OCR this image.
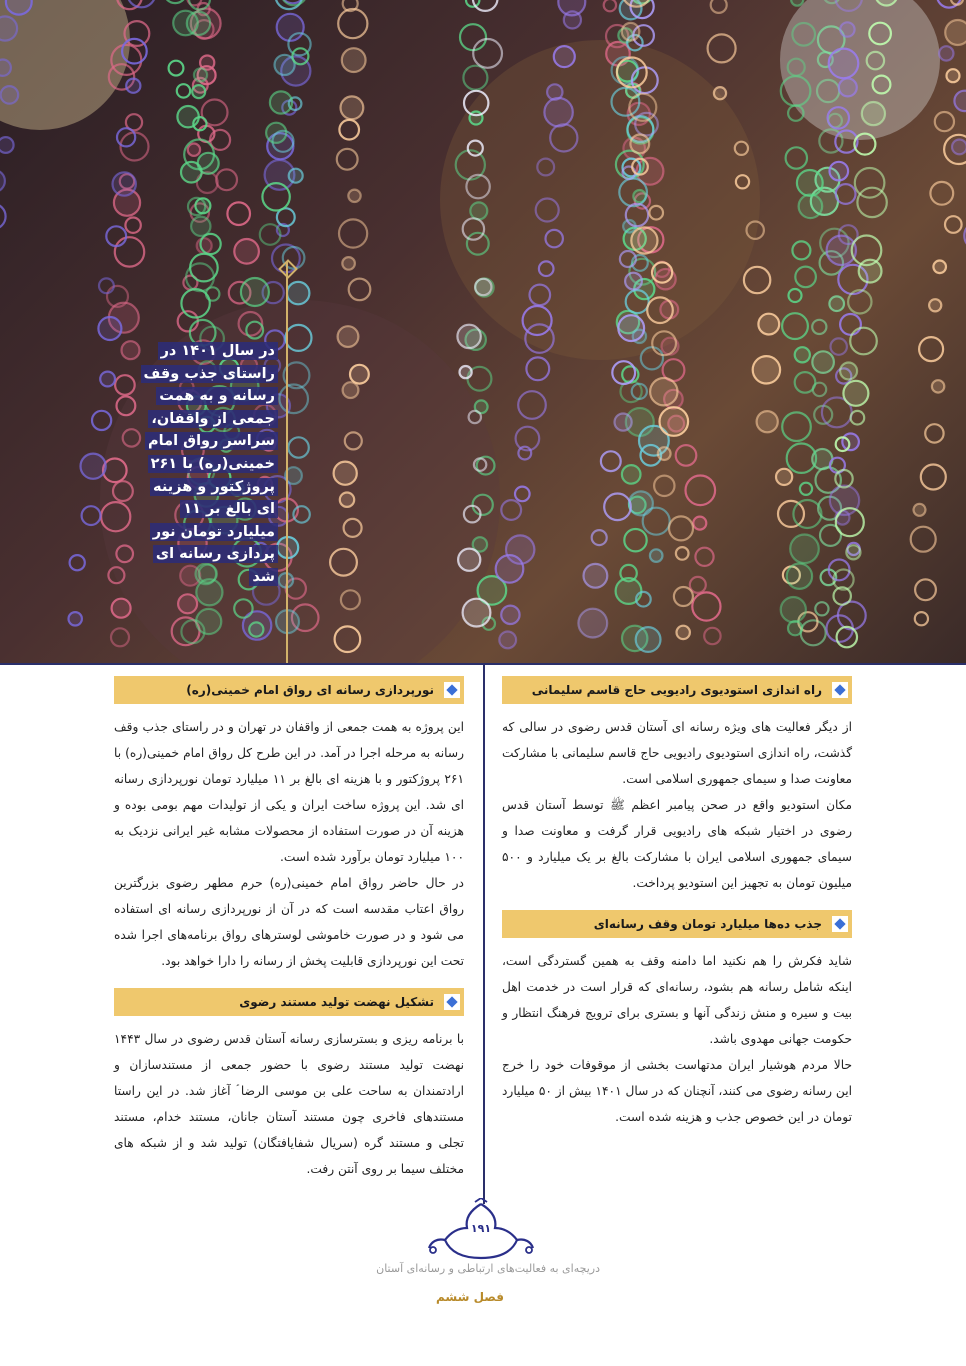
در سال ۱۴۰۱ در راستای جذب وقف رسانه و به همت جمعی از واقفان، سراسر رواق امام خمینی(ره) با ۲۶۱ پروژکتور و هزینه ای بالغ بر ۱۱ میلیارد تومان نور پردازی رسانه ای شد
راه اندازی استودیوی رادیویی حاج قاسم سلیمانی

از دیگر فعالیت های ویژه رسانه ای آستان قدس رضوی در سالی که گذشت، راه اندازی استودیوی رادیویی حاج قاسم سلیمانی با مشارکت معاونت صدا و سیمای جمهوری اسلامی است.

مکان استودیو واقع در صحن پیامبر اعظم ﷺ توسط آستان قدس رضوی در اختیار شبکه های رادیویی قرار گرفت و معاونت صدا و سیمای جمهوری اسلامی ایران با مشارکت بالغ بر یک میلیارد و ۵۰۰ میلیون تومان به تجهیز این استودیو پرداخت.

جذب ده‌ها میلیارد تومان وقف رسانه‌ای

شاید فکرش را هم نکنید اما دامنه وقف به همین گستردگی است، اینکه شامل رسانه هم بشود، رسانه‌ای که قرار است در خدمت اهل بیت و سیره و منش زندگی آنها و بستری برای ترویج فرهنگ انتظار و حکومت جهانی مهدوی باشد.

حالا مردم هوشیار ایران مدتهاست بخشی از موقوفات خود را خرج این رسانه رضوی می کنند، آنچنان که در سال ۱۴۰۱ بیش از ۵۰ میلیارد تومان در این خصوص جذب و هزینه شده است.

نورپردازی رسانه ای رواق امام خمینی(ره)

این پروژه به همت جمعی از واقفان در تهران و در راستای جذب وقف رسانه به مرحله اجرا در آمد. در این طرح کل رواق امام خمینی(ره) با ۲۶۱ پروژکتور و با هزینه ای بالغ بر ۱۱ میلیارد تومان نورپردازی رسانه ای شد. این پروژه ساخت ایران و یکی از تولیدات مهم بومی بوده و هزینه آن در صورت استفاده از محصولات مشابه غیر ایرانی نزدیک به ۱۰۰ میلیارد تومان برآورد شده است.

در حال حاضر رواق امام خمینی(ره) حرم مطهر رضوی بزرگترین رواق اعتاب مقدسه است که در آن از نورپردازی رسانه ای استفاده می شود و در صورت خاموشی لوسترهای رواق برنامه‌های اجرا شده تحت این نورپردازی قابلیت پخش از رسانه را دارا خواهد بود.

تشکیل نهضت تولید مستند رضوی

با برنامه ریزی و بسترسازی رسانه آستان قدس رضوی در سال ۱۴۴۳ نهضت تولید مستند رضوی با حضور جمعی از مستندسازان و ارادتمندان به ساحت علی بن موسی الرضا ؑ آغاز شد. در این راستا مستندهای فاخری چون مستند آستان جانان، مستند خدام، مستند تجلی و مستند گره (سریال شفایافتگان) تولید شد و از شبکه های مختلف سیما بر روی آنتن رفت.

۱۹۱
دریچه‌ای به فعالیت‌های ارتباطی و رسانه‌ای آستان
فصل ششم
